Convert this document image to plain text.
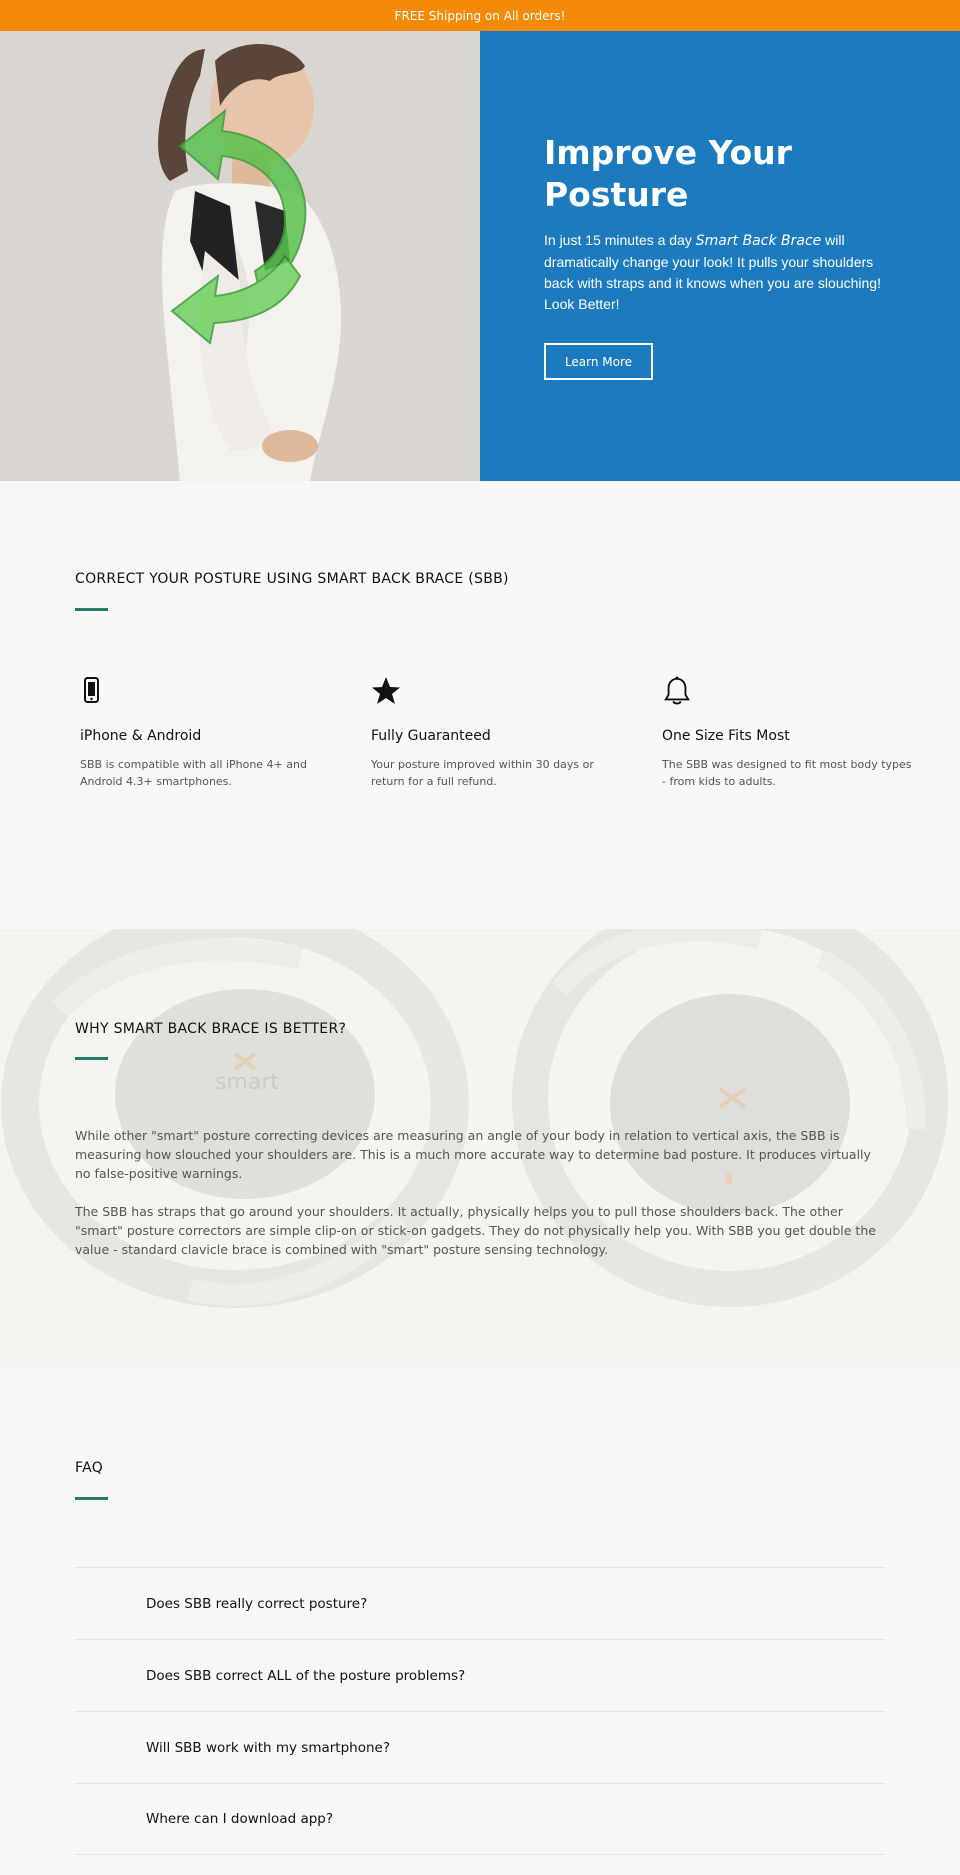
FREE Shipping on All orders!
Improve Your
Posture

In just 15 minutes a day Smart Back Brace will dramatically change your look! It pulls your shoulders back with straps and it knows when you are slouching! Look Better!

Learn More
CORRECT YOUR POSTURE USING SMART BACK BRACE (SBB)
iPhone & Android
SBB is compatible with all iPhone 4+ and Android 4.3+ smartphones.
Fully Guaranteed
Your posture improved within 30 days or return for a full refund.
One Size Fits Most
The SBB was designed to fit most body types - from kids to adults.
smart
WHY SMART BACK BRACE IS BETTER?

While other "smart" posture correcting devices are measuring an angle of your body in relation to vertical axis, the SBB is measuring how slouched your shoulders are. This is a much more accurate way to determine bad posture. It produces virtually no false-positive warnings.

The SBB has straps that go around your shoulders. It actually, physically helps you to pull those shoulders back. The other "smart" posture correctors are simple clip-on or stick-on gadgets. They do not physically help you. With SBB you get double the value - standard clavicle brace is combined with "smart" posture sensing technology.

FAQ
Does SBB really correct posture?
Does SBB correct ALL of the posture problems?
Will SBB work with my smartphone?
Where can I download app?
